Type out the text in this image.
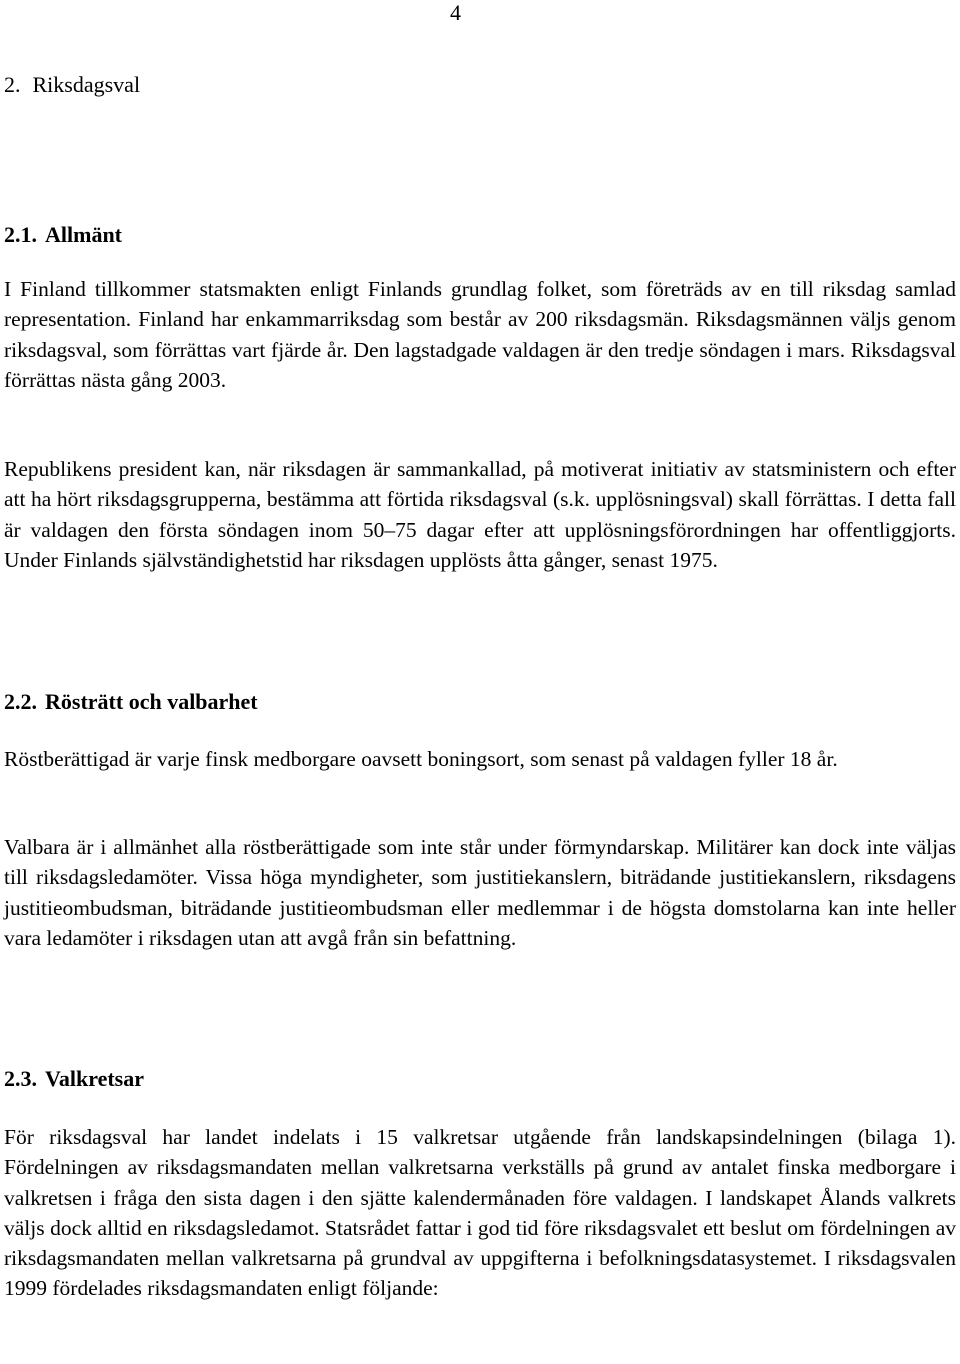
4
2. Riksdagsval
2.1. Allmänt

I Finland tillkommer statsmakten enligt Finlands grundlag folket, som företräds av en till riksdag samlad representation. Finland har enkammarriksdag som består av 200 riksdagsmän. Riksdagsmännen väljs genom riksdagsval, som förrättas vart fjärde år. Den lagstadgade valdagen är den tredje söndagen i mars. Riksdagsval förrättas nästa gång 2003.

Republikens president kan, när riksdagen är sammankallad, på motiverat initiativ av statsministern och efter att ha hört riksdagsgrupperna, bestämma att förtida riksdagsval (s.k. upplösningsval) skall förrättas. I detta fall är valdagen den första söndagen inom 50–75 dagar efter att upplösningsförordningen har offentliggjorts. Under Finlands självständighetstid har riksdagen upplösts åtta gånger, senast 1975.

2.2. Rösträtt och valbarhet

Röstberättigad är varje finsk medborgare oavsett boningsort, som senast på valdagen fyller 18 år.

Valbara är i allmänhet alla röstberättigade som inte står under förmyndarskap. Militärer kan dock inte väljas till riksdagsledamöter. Vissa höga myndigheter, som justitiekanslern, biträdande justitiekanslern, riksdagens justitieombudsman, biträdande justitieombudsman eller medlemmar i de högsta domstolarna kan inte heller vara ledamöter i riksdagen utan att avgå från sin befattning.

2.3. Valkretsar

För riksdagsval har landet indelats i 15 valkretsar utgående från landskapsindelningen (bilaga 1). Fördelningen av riksdagsmandaten mellan valkretsarna verkställs på grund av antalet finska medborgare i valkretsen i fråga den sista dagen i den sjätte kalendermånaden före valdagen. I landskapet Ålands valkrets väljs dock alltid en riksdagsledamot. Statsrådet fattar i god tid före riksdagsvalet ett beslut om fördelningen av riksdagsmandaten mellan valkretsarna på grundval av uppgifterna i befolkningsdatasystemet. I riksdagsvalen 1999 fördelades riksdagsmandaten enligt följande:
